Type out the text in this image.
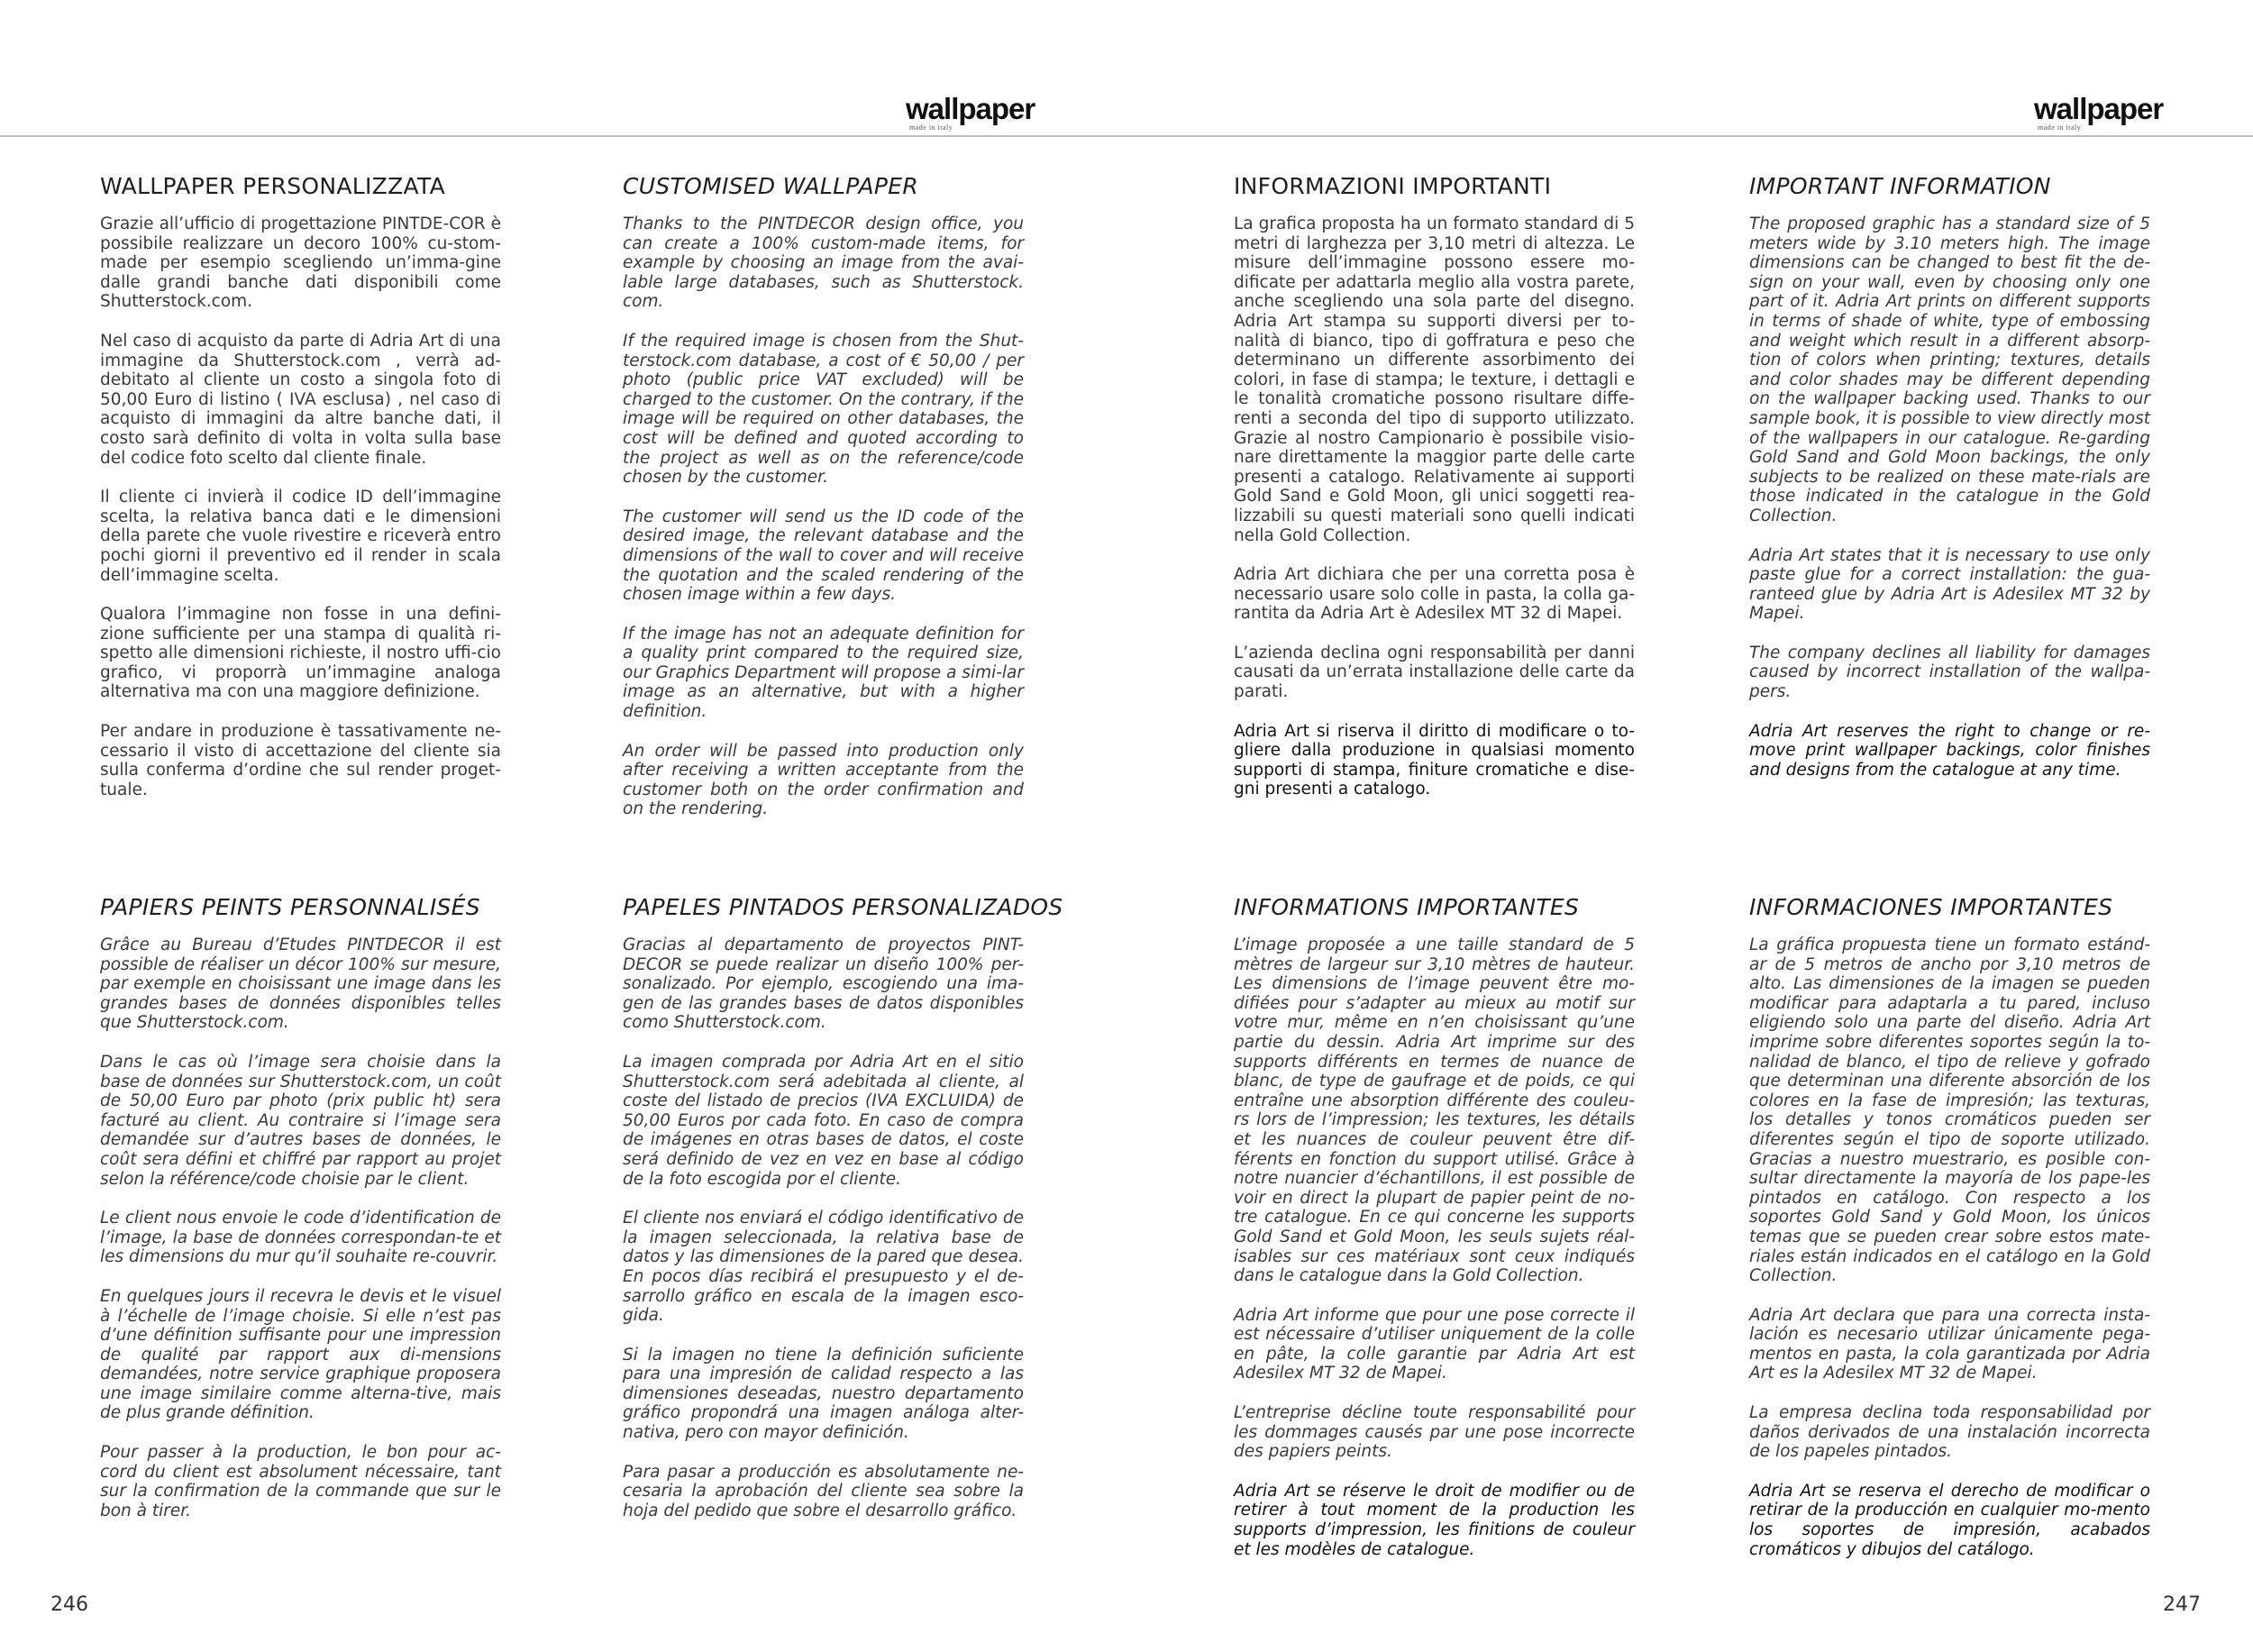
wallpaper
made in italy
wallpaper
made in italy
WALLPAPER PERSONALIZZATA

Grazie all’ufficio di progettazione PINTDE-COR è possibile realizzare un decoro 100% cu-stom-made per esempio scegliendo un’imma-gine dalle grandi banche dati disponibili come Shutterstock.com.

Nel caso di acquisto da parte di Adria Art di una immagine da Shutterstock.com , verrà ad-debitato al cliente un costo a singola foto di 50,00 Euro di listino ( IVA esclusa) , nel caso di acquisto di immagini da altre banche dati, il costo sarà definito di volta in volta sulla base del codice foto scelto dal cliente finale.

Il cliente ci invierà il codice ID dell’immagine scelta, la relativa banca dati e le dimensioni della parete che vuole rivestire e riceverà entro pochi giorni il preventivo ed il render in scala dell’immagine scelta.

Qualora l’immagine non fosse in una defini-zione sufficiente per una stampa di qualità ri-spetto alle dimensioni richieste, il nostro uffi-cio grafico, vi proporrà un’immagine analoga alternativa ma con una maggiore definizione.

Per andare in produzione è tassativamente ne-cessario il visto di accettazione del cliente sia sulla conferma d’ordine che sul render proget-tuale.

CUSTOMISED WALLPAPER

Thanks to the PINTDECOR design office, you can create a 100% custom-made items, for example by choosing an image from the avai-lable large databases, such as Shutterstock. com.

If the required image is chosen from the Shut-terstock.com database, a cost of € 50,00 / per photo (public price VAT excluded) will be charged to the customer. On the contrary, if the image will be required on other databases, the cost will be defined and quoted according to the project as well as on the reference/code chosen by the customer.

The customer will send us the ID code of the desired image, the relevant database and the dimensions of the wall to cover and will receive the quotation and the scaled rendering of the chosen image within a few days.

If the image has not an adequate definition for a quality print compared to the required size, our Graphics Department will propose a simi-lar image as an alternative, but with a higher definition.

An order will be passed into production only after receiving a written acceptante from the customer both on the order confirmation and on the rendering.

INFORMAZIONI IMPORTANTI

La grafica proposta ha un formato standard di 5 metri di larghezza per 3,10 metri di altezza. Le misure dell’immagine possono essere mo-dificate per adattarla meglio alla vostra parete, anche scegliendo una sola parte del disegno. Adria Art stampa su supporti diversi per to-nalità di bianco, tipo di goffratura e peso che determinano un differente assorbimento dei colori, in fase di stampa; le texture, i dettagli e le tonalità cromatiche possono risultare diffe-renti a seconda del tipo di supporto utilizzato. Grazie al nostro Campionario è possibile visio-nare direttamente la maggior parte delle carte presenti a catalogo. Relativamente ai supporti Gold Sand e Gold Moon, gli unici soggetti rea-lizzabili su questi materiali sono quelli indicati nella Gold Collection.

Adria Art dichiara che per una corretta posa è necessario usare solo colle in pasta, la colla ga-rantita da Adria Art è Adesilex MT 32 di Mapei.

L’azienda declina ogni responsabilità per danni causati da un’errata installazione delle carte da parati.

Adria Art si riserva il diritto di modificare o to-gliere dalla produzione in qualsiasi momento supporti di stampa, finiture cromatiche e dise-gni presenti a catalogo.

IMPORTANT INFORMATION

The proposed graphic has a standard size of 5 meters wide by 3.10 meters high. The image dimensions can be changed to best fit the de-sign on your wall, even by choosing only one part of it. Adria Art prints on different supports in terms of shade of white, type of embossing and weight which result in a different absorp-tion of colors when printing; textures, details and color shades may be different depending on the wallpaper backing used. Thanks to our sample book, it is possible to view directly most of the wallpapers in our catalogue. Re-garding Gold Sand and Gold Moon backings, the only subjects to be realized on these mate-rials are those indicated in the catalogue in the Gold Collection.

Adria Art states that it is necessary to use only paste glue for a correct installation: the gua-ranteed glue by Adria Art is Adesilex MT 32 by Mapei.

The company declines all liability for damages caused by incorrect installation of the wallpa-pers.

Adria Art reserves the right to change or re-move print wallpaper backings, color finishes and designs from the catalogue at any time.

PAPIERS PEINTS PERSONNALISÉS

Grâce au Bureau d’Etudes PINTDECOR il est possible de réaliser un décor 100% sur mesure, par exemple en choisissant une image dans les grandes bases de données disponibles telles que Shutterstock.com.

Dans le cas où l’image sera choisie dans la base de données sur Shutterstock.com, un coût de 50,00 Euro par photo (prix public ht) sera facturé au client. Au contraire si l’image sera demandée sur d’autres bases de données, le coût sera défini et chiffré par rapport au projet selon la référence/code choisie par le client.

Le client nous envoie le code d’identification de l’image, la base de données correspondan-te et les dimensions du mur qu’il souhaite re-couvrir.

En quelques jours il recevra le devis et le visuel à l’échelle de l’image choisie. Si elle n’est pas d’une définition suffisante pour une impression de qualité par rapport aux di-mensions demandées, notre service graphique proposera une image similaire comme alterna-tive, mais de plus grande définition.

Pour passer à la production, le bon pour ac-cord du client est absolument nécessaire, tant sur la confirmation de la commande que sur le bon à tirer.

PAPELES PINTADOS PERSONALIZADOS

Gracias al departamento de proyectos PINT-DECOR se puede realizar un diseño 100% per-sonalizado. Por ejemplo, escogiendo una ima-gen de las grandes bases de datos disponibles como Shutterstock.com.

La imagen comprada por Adria Art en el sitio Shutterstock.com será adebitada al cliente, al coste del listado de precios (IVA EXCLUIDA) de 50,00 Euros por cada foto. En caso de compra de imágenes en otras bases de datos, el coste será definido de vez en vez en base al código de la foto escogida por el cliente.

El cliente nos enviará el código identificativo de la imagen seleccionada, la relativa base de datos y las dimensiones de la pared que desea. En pocos días recibirá el presupuesto y el de-sarrollo gráfico en escala de la imagen esco-gida.

Si la imagen no tiene la definición suficiente para una impresión de calidad respecto a las dimensiones deseadas, nuestro departamento gráfico propondrá una imagen análoga alter-nativa, pero con mayor definición.

Para pasar a producción es absolutamente ne-cesaria la aprobación del cliente sea sobre la hoja del pedido que sobre el desarrollo gráfico.

INFORMATIONS IMPORTANTES

L’image proposée a une taille standard de 5 mètres de largeur sur 3,10 mètres de hauteur. Les dimensions de l’image peuvent être mo-difiées pour s’adapter au mieux au motif sur votre mur, même en n’en choisissant qu’une partie du dessin. Adria Art imprime sur des supports différents en termes de nuance de blanc, de type de gaufrage et de poids, ce qui entraîne une absorption différente des couleu-rs lors de l’impression; les textures, les détails et les nuances de couleur peuvent être dif-férents en fonction du support utilisé. Grâce à notre nuancier d’échantillons, il est possible de voir en direct la plupart de papier peint de no-tre catalogue. En ce qui concerne les supports Gold Sand et Gold Moon, les seuls sujets réal-isables sur ces matériaux sont ceux indiqués dans le catalogue dans la Gold Collection.

Adria Art informe que pour une pose correcte il est nécessaire d’utiliser uniquement de la colle en pâte, la colle garantie par Adria Art est Adesilex MT 32 de Mapei.

L’entreprise décline toute responsabilité pour les dommages causés par une pose incorrecte des papiers peints.

Adria Art se réserve le droit de modifier ou de retirer à tout moment de la production les supports d’impression, les finitions de couleur et les modèles de catalogue.

INFORMACIONES IMPORTANTES

La gráfica propuesta tiene un formato estánd-ar de 5 metros de ancho por 3,10 metros de alto. Las dimensiones de la imagen se pueden modificar para adaptarla a tu pared, incluso eligiendo solo una parte del diseño. Adria Art imprime sobre diferentes soportes según la to-nalidad de blanco, el tipo de relieve y gofrado que determinan una diferente absorción de los colores en la fase de impresión; las texturas, los detalles y tonos cromáticos pueden ser diferentes según el tipo de soporte utilizado. Gracias a nuestro muestrario, es posible con-sultar directamente la mayoría de los pape-les pintados en catálogo. Con respecto a los soportes Gold Sand y Gold Moon, los únicos temas que se pueden crear sobre estos mate-riales están indicados en el catálogo en la Gold Collection.

Adria Art declara que para una correcta insta-lación es necesario utilizar únicamente pega-mentos en pasta, la cola garantizada por Adria Art es la Adesilex MT 32 de Mapei.

La empresa declina toda responsabilidad por daños derivados de una instalación incorrecta de los papeles pintados.

Adria Art se reserva el derecho de modificar o retirar de la producción en cualquier mo-mento los soportes de impresión, acabados cromáticos y dibujos del catálogo.

246	247
